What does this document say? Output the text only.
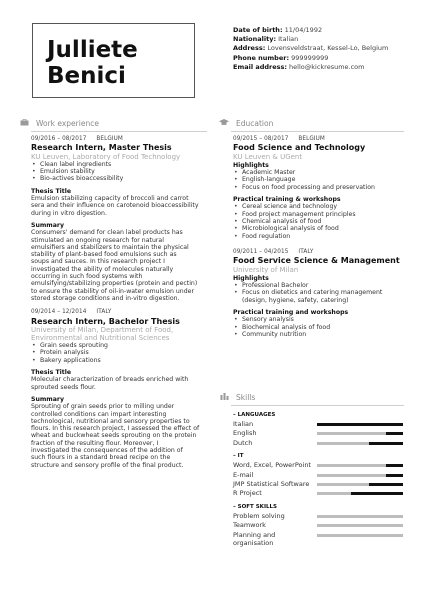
Julliete
Benici
Date of birth: 11/04/1992
Nationality: Italian
Address: Lovensveldstraat, Kessel-Lo, Belgium
Phone number: 999999999
Email address: hello@kickresume.com
Work experience	Education
Skills
09/2016 – 08/2017 BELGIUM
Research Intern, Master Thesis
KU Leuven, Laboratory of Food Technology
• Clean label ingredients
• Emulsion stability
• Bio-actives bioaccessibility
Thesis Title
Emulsion stabilizing capacity of broccoli and carrot
sera and their influence on carotenoid bioaccessibility
during in vitro digestion.
Summary
Consumers' demand for clean label products has
stimulated an ongoing research for natural
emulsifiers and stabilizers to maintain the physical
stability of plant-based food emulsions such as
soups and sauces. In this research project I
investigated the ability of molecules naturally
occurring in such food systems with
emulsifying/stabilizing properties (protein and pectin)
to ensure the stability of oil-in-water emulsion under
stored storage conditions and in-vitro digestion.
09/2014 – 12/2014 ITALY
Research Intern, Bachelor Thesis
University of Milan, Department of Food,
Environmental and Nutritional Sciences
• Grain seeds sprouting
• Protein analysis
• Bakery applications
Thesis Title
Molecular characterization of breads enriched with
sprouted seeds flour.
Summary
Sprouting of grain seeds prior to milling under
controlled conditions can impart interesting
technological, nutritional and sensory properties to
flours. In this research project, I assessed the effect of
wheat and buckwheat seeds sprouting on the protein
fraction of the resulting flour. Moreover, I
investigated the consequences of the addition of
such flours in a standard bread recipe on the
structure and sensory profile of the final product.
09/2015 – 08/2017 BELGIUM
Food Science and Technology
KU Leuven & UGent
Highlights
• Academic Master
• English-language
• Focus on food processing and preservation
Practical training & workshops
• Cereal science and technology
• Food project management principles
• Chemical analysis of food
• Microbiological analysis of food
• Food regulation
09/2011 – 04/2015 ITALY
Food Service Science & Management
University of Milan
Highlights
• Professional Bachelor
• Focus on dietetics and catering management (design, hygiene, safety, catering)
Practical training and workshops
• Sensory analysis
• Biochemical analysis of food
• Community nutrition
– LANGUAGES
Italian
English
Dutch
– IT
Word, Excel, PowerPoint
E-mail
JMP Statistical Software
R Project
– SOFT SKILLS
Problem solving
Teamwork
Planning and organisation
